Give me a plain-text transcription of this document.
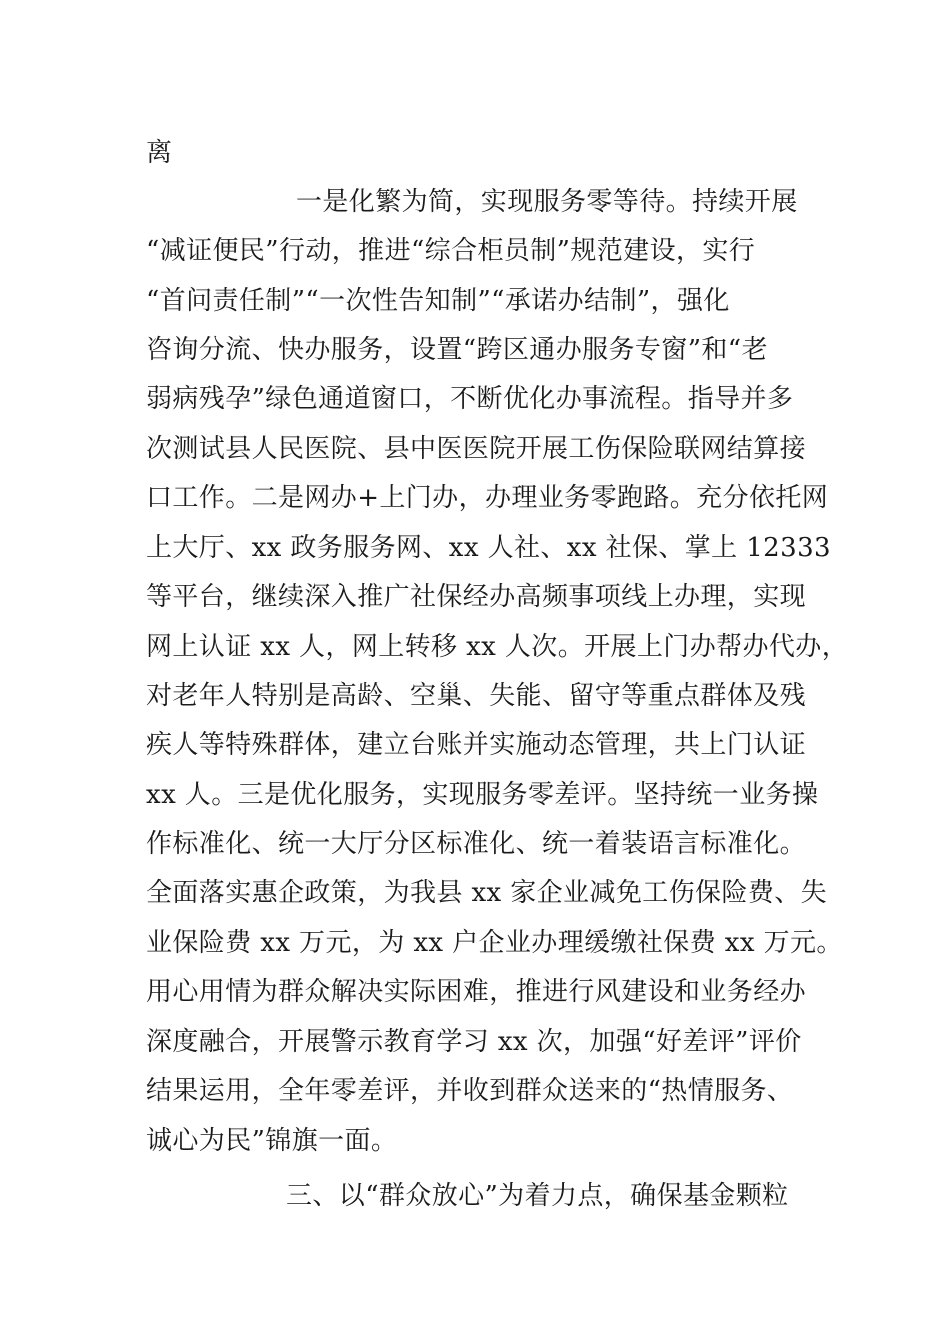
离
一是化繁为简，实现服务零等待。持续开展
“减证便民”行动，推进“综合柜员制”规范建设，实行
“首问责任制”“一次性告知制”“承诺办结制”，强化
咨询分流、快办服务，设置“跨区通办服务专窗”和“老
弱病残孕”绿色通道窗口，不断优化办事流程。指导并多
次测试县人民医院、县中医医院开展工伤保险联网结算接
口工作。二是网办+上门办，办理业务零跑路。充分依托网
上大厅、xx 政务服务网、xx 人社、xx 社保、掌上 12333
等平台，继续深入推广社保经办高频事项线上办理，实现
网上认证 xx 人，网上转移 xx 人次。开展上门办帮办代办，
对老年人特别是高龄、空巢、失能、留守等重点群体及残
疾人等特殊群体，建立台账并实施动态管理，共上门认证
xx 人。三是优化服务，实现服务零差评。坚持统一业务操
作标准化、统一大厅分区标准化、统一着装语言标准化。
全面落实惠企政策，为我县 xx 家企业减免工伤保险费、失
业保险费 xx 万元，为 xx 户企业办理缓缴社保费 xx 万元。
用心用情为群众解决实际困难，推进行风建设和业务经办
深度融合，开展警示教育学习 xx 次，加强“好差评”评价
结果运用，全年零差评，并收到群众送来的“热情服务、
诚心为民”锦旗一面。
三、以“群众放心”为着力点，确保基金颗粒
